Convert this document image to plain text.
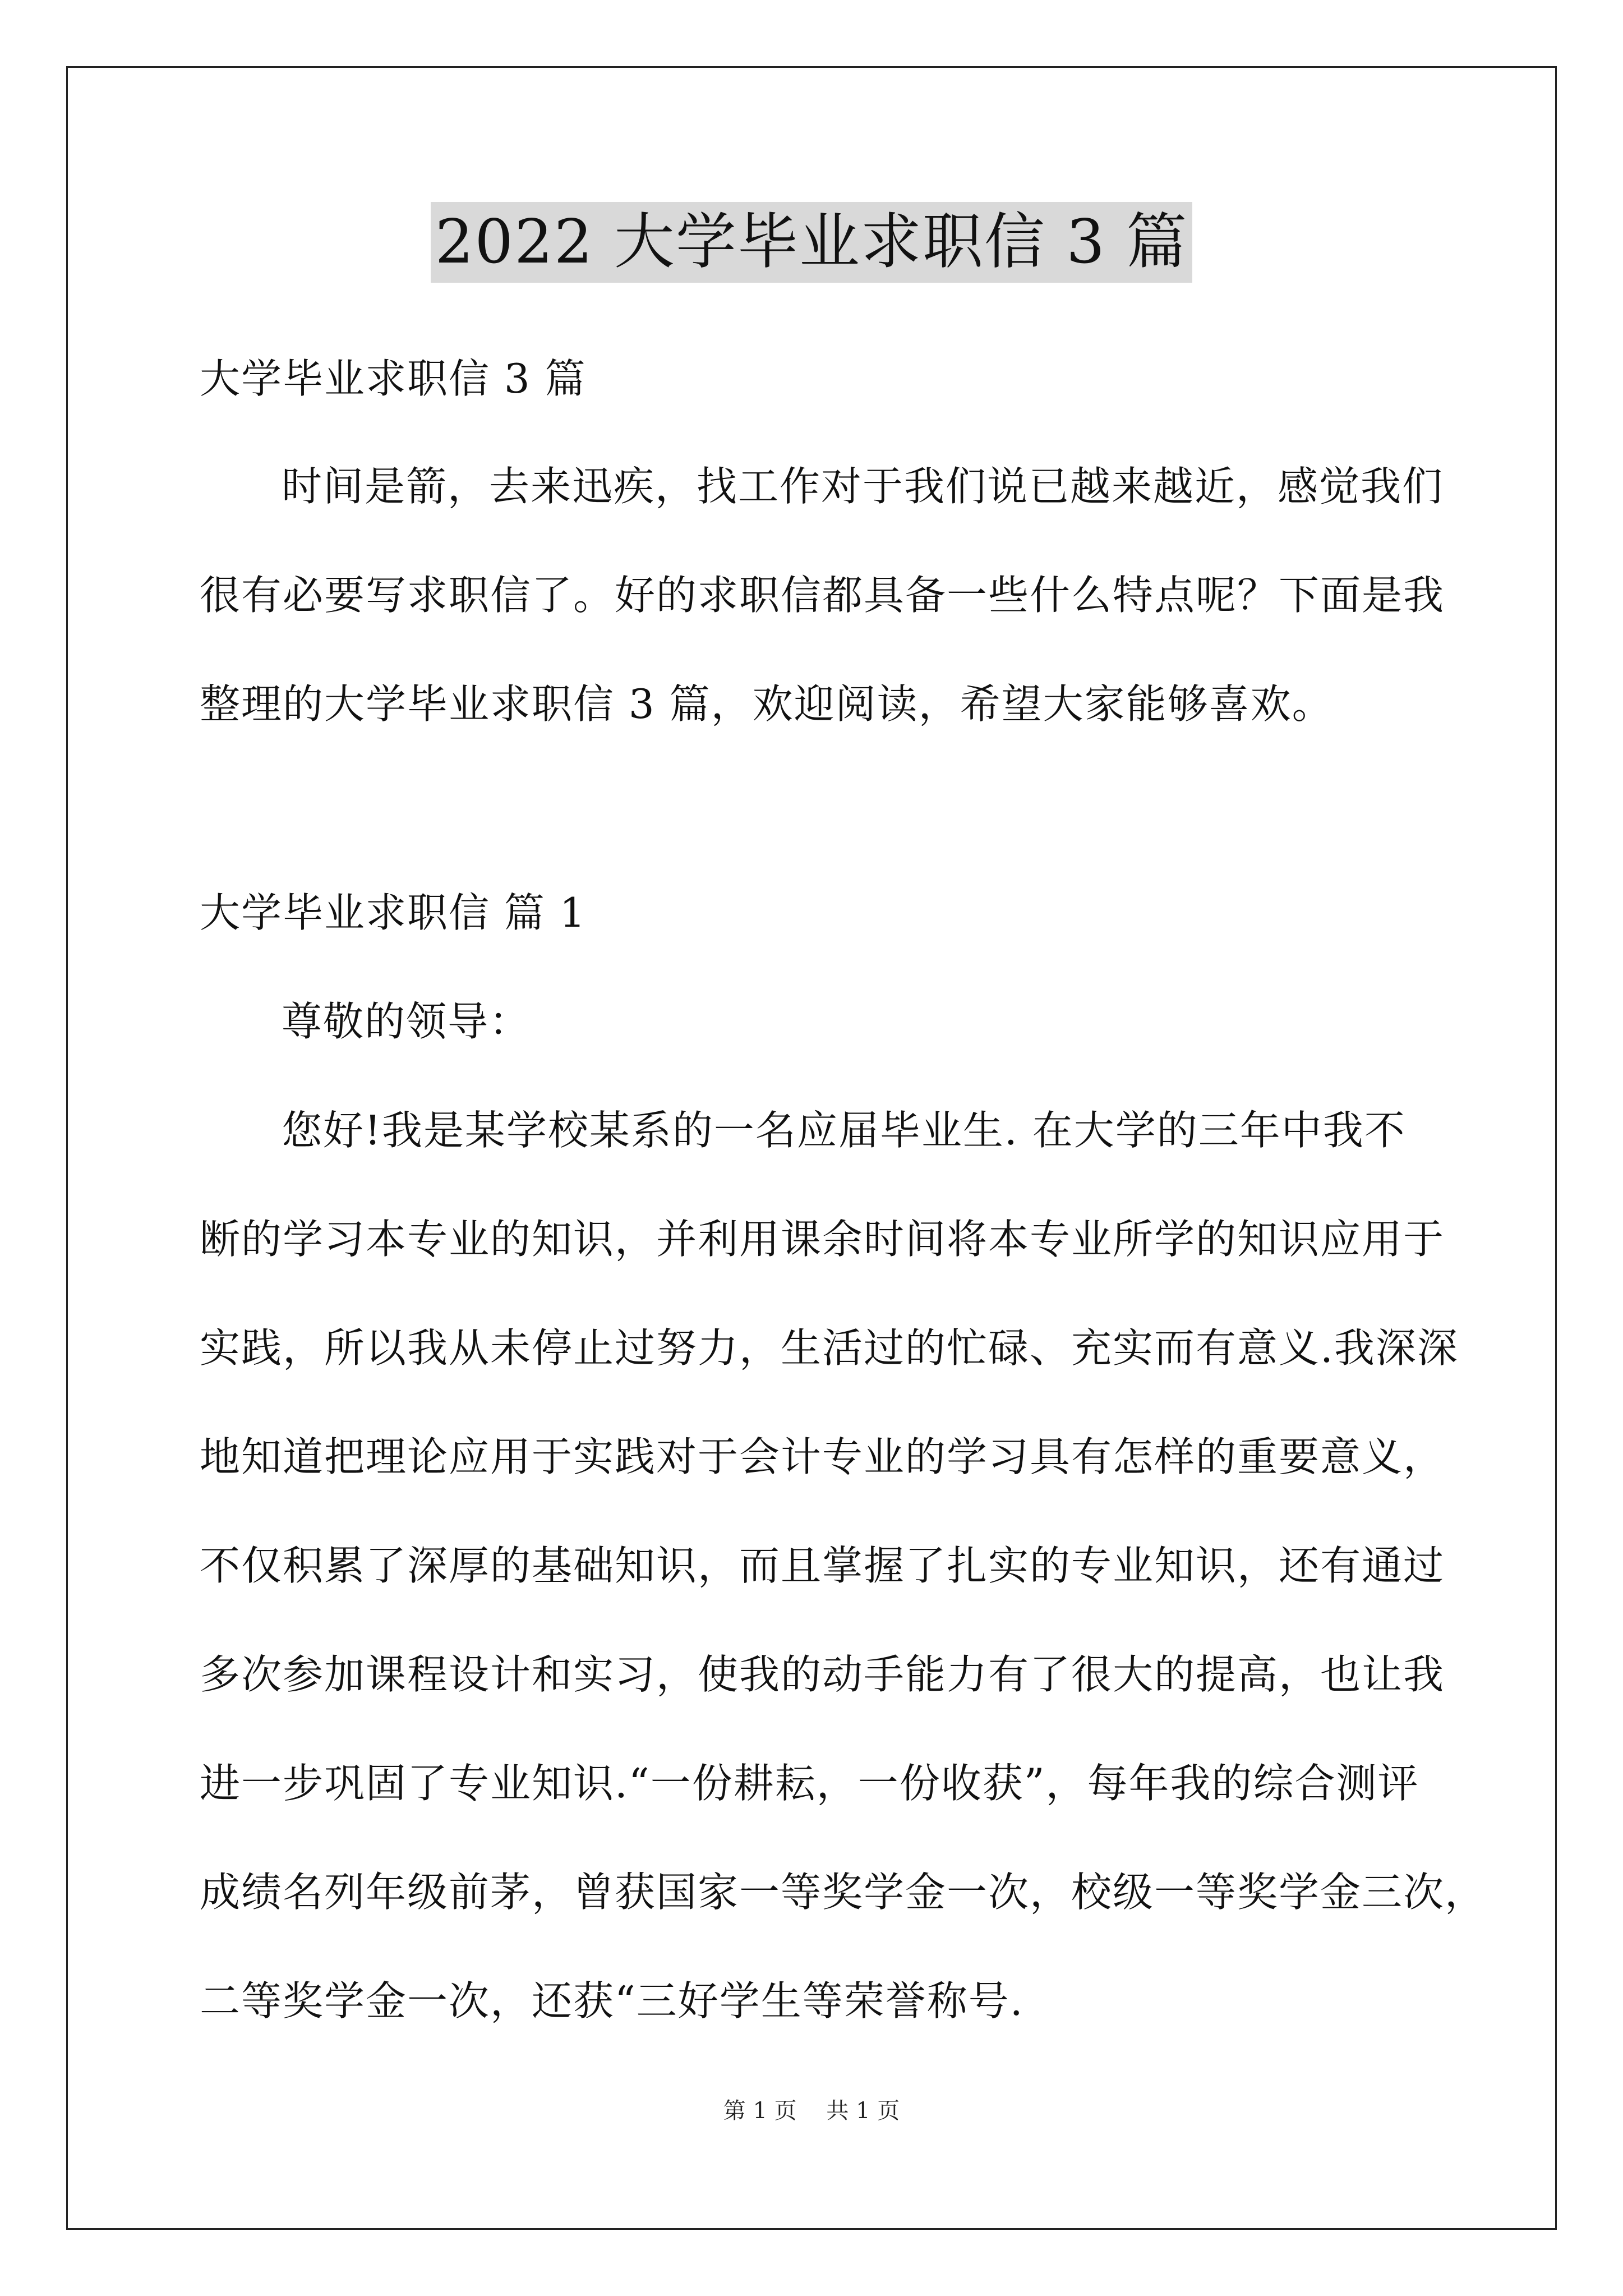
2022 大学毕业求职信 3 篇
大学毕业求职信 3 篇
时间是箭，去来迅疾，找工作对于我们说已越来越近，感觉我们
很有必要写求职信了。好的求职信都具备一些什么特点呢？下面是我
整理的大学毕业求职信 3 篇，欢迎阅读，希望大家能够喜欢。
大学毕业求职信 篇 1
尊敬的领导：
您好!我是某学校某系的一名应届毕业生. 在大学的三年中我不
断的学习本专业的知识，并利用课余时间将本专业所学的知识应用于
实践，所以我从未停止过努力，生活过的忙碌、充实而有意义.我深深
地知道把理论应用于实践对于会计专业的学习具有怎样的重要意义，
不仅积累了深厚的基础知识，而且掌握了扎实的专业知识，还有通过
多次参加课程设计和实习，使我的动手能力有了很大的提高，也让我
进一步巩固了专业知识.“一份耕耘，一份收获”，每年我的综合测评
成绩名列年级前茅，曾获国家一等奖学金一次，校级一等奖学金三次，
二等奖学金一次，还获“三好学生等荣誉称号.
第 1 页 共 1 页
